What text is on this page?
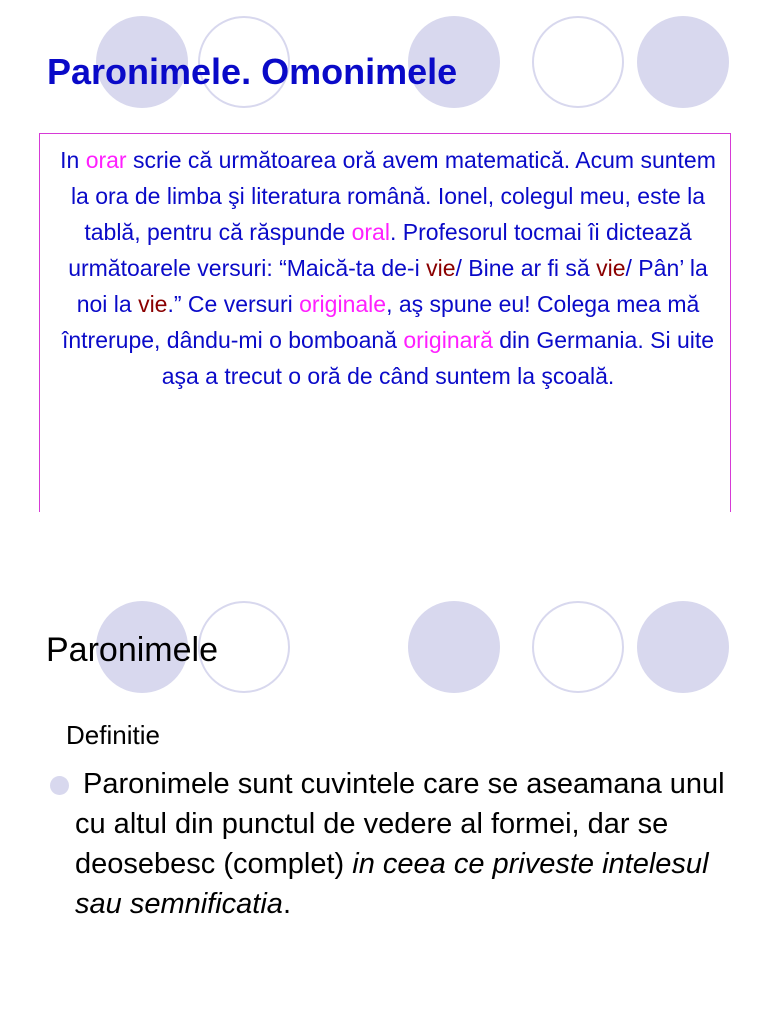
Paronimele. Omonimele

In orar scrie că următoarea oră avem matematică. Acum suntem la ora de limba şi literatura română. Ionel, colegul meu, este la tablă, pentru că răspunde oral. Profesorul tocmai îi dictează următoarele versuri: “Maică-ta de-i vie/ Bine ar fi să vie/ Pân’ la noi la vie.” Ce versuri originale, aş spune eu! Colega mea mă întrerupe, dându-mi o bomboană originară din Germania. Si uite aşa a trecut o oră de când suntem la şcoală.

Paronimele

Definitie

Paronimele sunt cuvintele care se aseamana unul cu altul din punctul de vedere al formei, dar se deosebesc (complet) in ceea ce priveste intelesul sau semnificatia.
